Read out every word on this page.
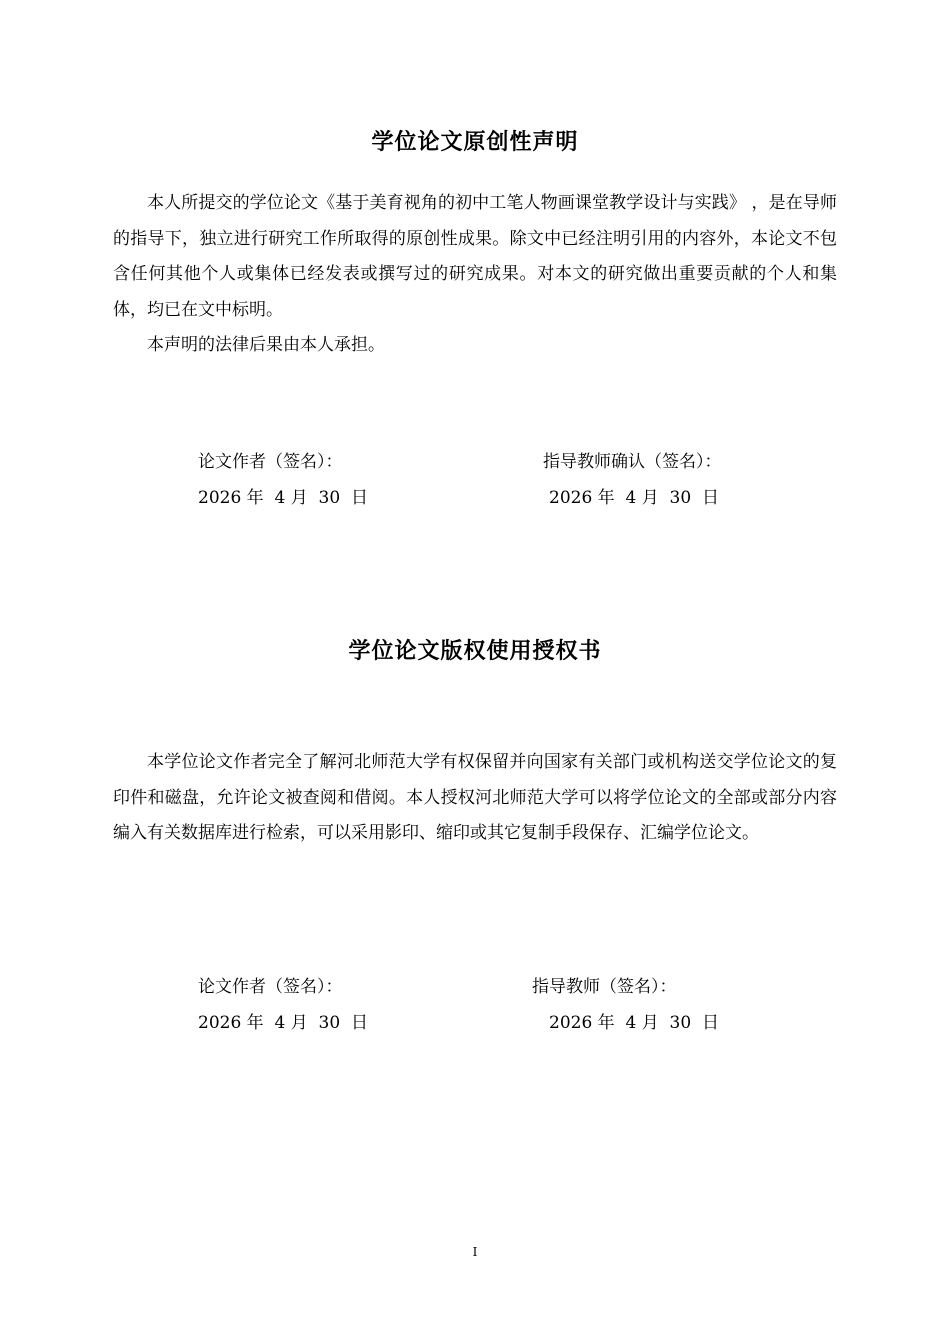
学位论文原创性声明

本人所提交的学位论文《基于美育视角的初中工笔人物画课堂教学设计与实践》 ，是在导师的指导下，独立进行研究工作所取得的原创性成果。除文中已经注明引用的内容外，本论文不包含任何其他个人或集体已经发表或撰写过的研究成果。对本文的研究做出重要贡献的个人和集体，均已在文中标明。

本声明的法律后果由本人承担。

论文作者（签名）：	指导教师确认（签名）：
2026 年  4 月  30  日	2026 年  4 月  30  日
学位论文版权使用授权书

本学位论文作者完全了解河北师范大学有权保留并向国家有关部门或机构送交学位论文的复印件和磁盘，允许论文被查阅和借阅。本人授权河北师范大学可以将学位论文的全部或部分内容编入有关数据库进行检索，可以采用影印、缩印或其它复制手段保存、汇编学位论文。

论文作者（签名）：	指导教师（签名）：
2026 年  4 月  30  日	2026 年  4 月  30  日
I
